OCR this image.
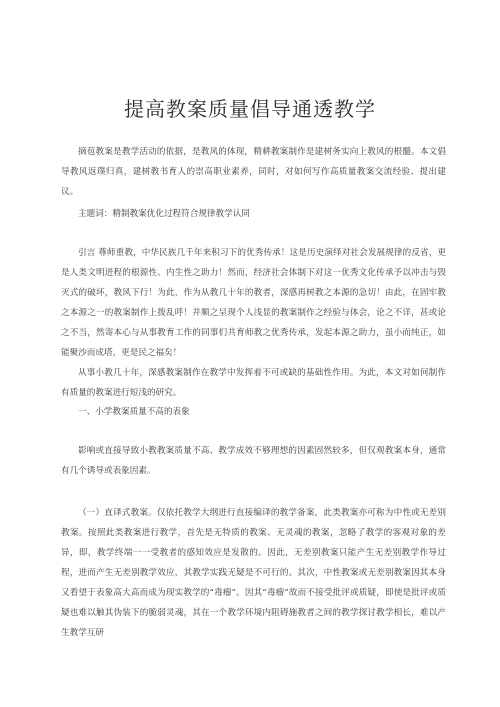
提高教案质量倡导通透教学

摘苞教案是教学活动的依据，是教风的体现，精耕教案制作是建树务实向上教风的根髓。本文倡导教风返璞归真，建树教书育人的崇高职业素养，同时，对如何写作高质量教案交流经验、提出建议。

主题词：精制教案优化过程符合规律教学认同

引言 尊师重教，中华民族几千年来积习下的优秀传承！这是历史演绎对社会发展规律的反省，更是人类文明进程的根源性、内生性之助力！然而，经济社会体制下对这一优秀文化传承予以冲击与毁灭式的破坏，教风下行！为此，作为从教几十年的教者，深感再树教之本源的急切！由此，在固牢教之本源之一的教案制作上拨乱呼！并顺之呈现个人浅显的教案制作之经验与体会，论之不详，甚或论之不当，然寄本心与从事教育工作的同事们共育师教之优秀传承，发起本源之助力，虽小而纯正，如能聚沙而成塔，更是民之福矣！

从事小教几十年，深感教案制作在教学中发挥着不可或缺的基础性作用。为此，本文对如何制作有质量的教案进行短浅的研究。

一、小学教案质量不高的表象

影响或直接导致小教教案质量不高、教学成效不够理想的因素固然较多，但仅观教案本身，通常有几个诱导或表象因素。

（一）直译式教案。仅依托教学大纲进行直接编译的教学备案，此类教案亦可称为中性或无差别教案。按照此类教案进行教学，首先是无特质的教案、无灵魂的教案，忽略了教学的客观对象的差异，即，教学终端一一受教者的感知效应是发散的。因此，无差别教案只能产生无差别教学作导过程，进而产生无差别教学效应，其教学实践无疑是不可行的。其次，中性教案或无差别教案因其本身又看望于表象高大高而成为现实教学的“毒瘤”。因其“毒瘤”故而不接受批评或质疑，即使是批评或质疑也难以触其伪装下的脆弱灵魂，其在一个教学环境内阻碍施教者之间的教学探讨教学相长，难以产生教学互研
